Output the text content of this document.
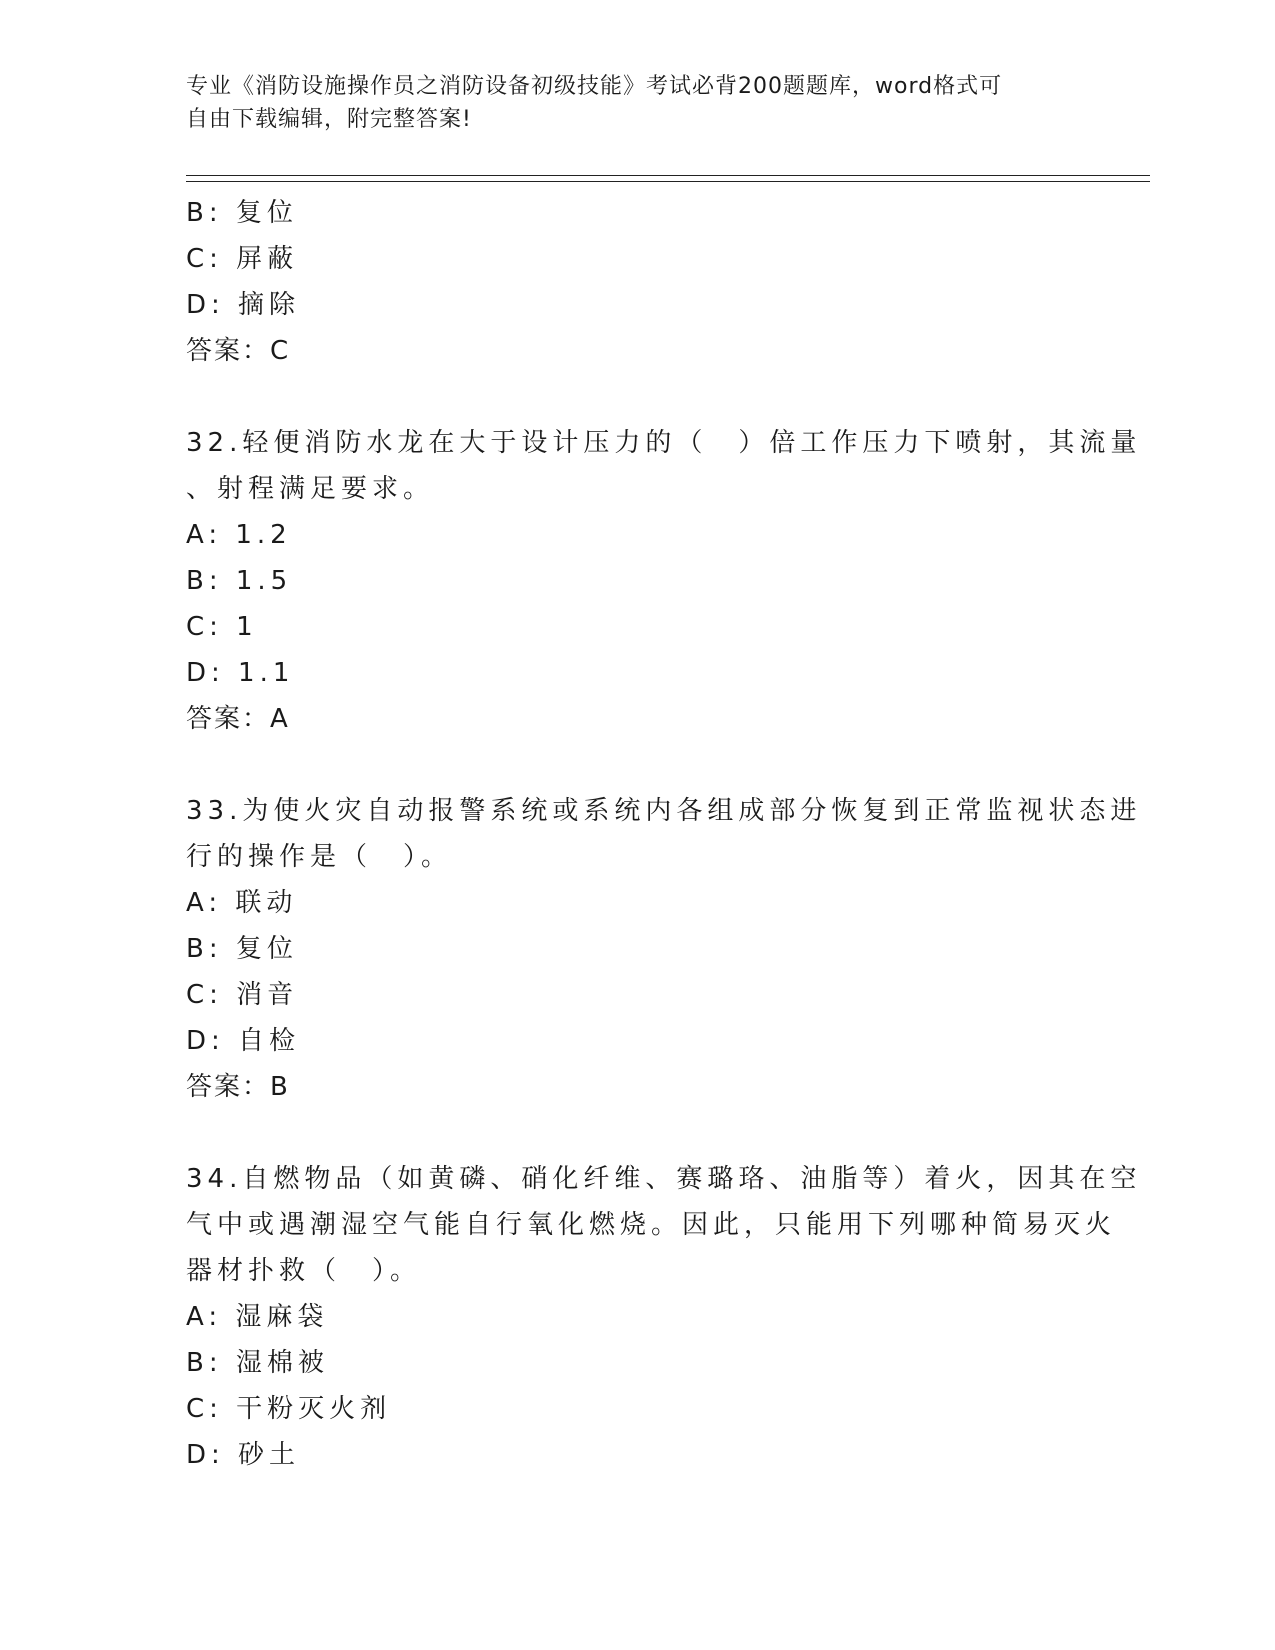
专业《消防设施操作员之消防设备初级技能》考试必背200题题库，word格式可
自由下载编辑，附完整答案!
B: 复位
C: 屏蔽
D: 摘除
答案：C
32.轻便消防水龙在大于设计压力的（　）倍工作压力下喷射，其流量
、射程满足要求。
A: 1.2
B: 1.5
C: 1
D: 1.1
答案：A
33.为使火灾自动报警系统或系统内各组成部分恢复到正常监视状态进
行的操作是（　）。
A: 联动
B: 复位
C: 消音
D: 自检
答案：B
34.自燃物品（如黄磷、硝化纤维、赛璐珞、油脂等）着火，因其在空
气中或遇潮湿空气能自行氧化燃烧。因此，只能用下列哪种简易灭火
器材扑救（　）。
A: 湿麻袋
B: 湿棉被
C: 干粉灭火剂
D: 砂土
